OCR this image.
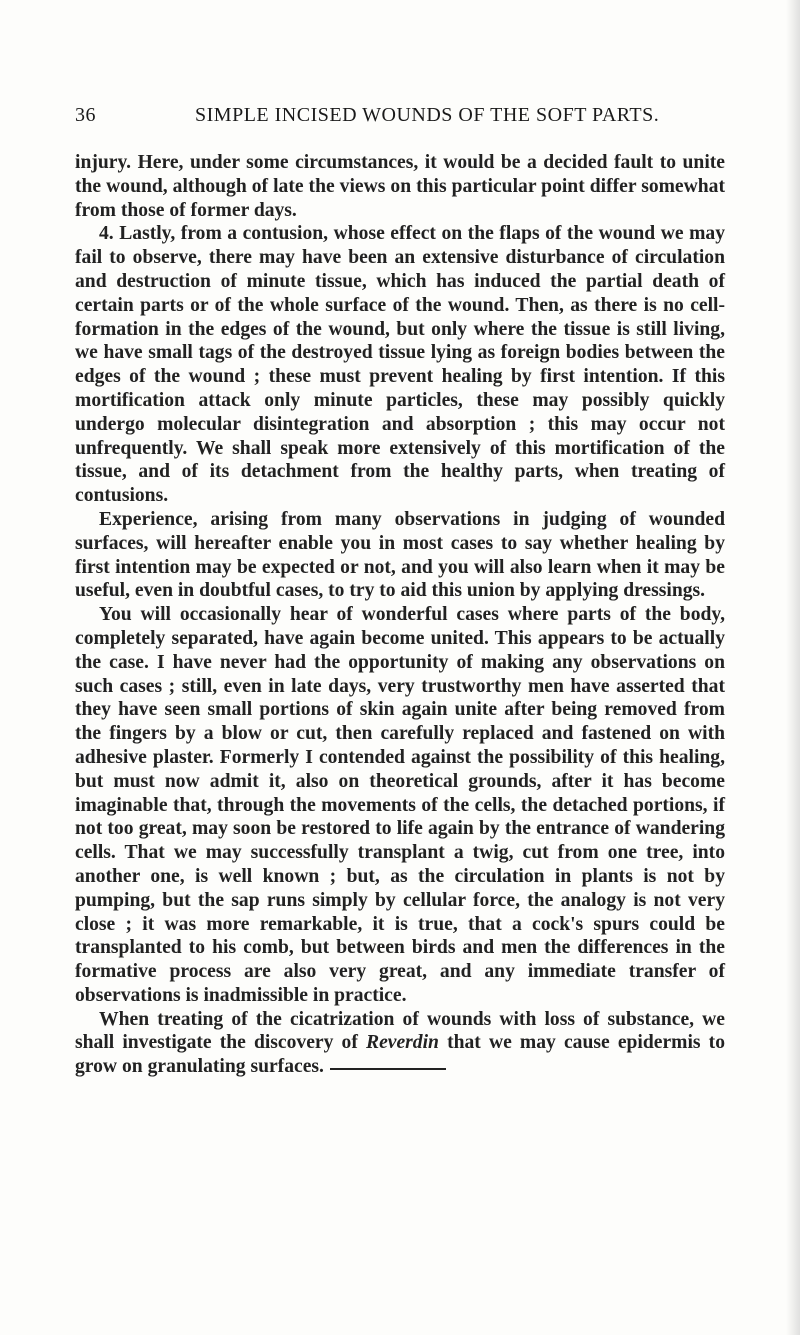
36	SIMPLE INCISED WOUNDS OF THE SOFT PARTS.

injury. Here, under some circumstances, it would be a decided fault to unite the wound, although of late the views on this particular point differ somewhat from those of former days.

4. Lastly, from a contusion, whose effect on the flaps of the wound we may fail to observe, there may have been an extensive disturbance of circulation and destruction of minute tissue, which has induced the partial death of certain parts or of the whole surface of the wound. Then, as there is no cell-formation in the edges of the wound, but only where the tissue is still living, we have small tags of the destroyed tissue lying as foreign bodies between the edges of the wound ; these must prevent healing by first intention. If this mortification attack only minute particles, these may possibly quickly undergo molecular disintegration and absorption ; this may occur not unfrequently. We shall speak more extensively of this mortification of the tissue, and of its detachment from the healthy parts, when treating of contusions.

Experience, arising from many observations in judging of wounded surfaces, will hereafter enable you in most cases to say whether healing by first intention may be expected or not, and you will also learn when it may be useful, even in doubtful cases, to try to aid this union by applying dressings.

You will occasionally hear of wonderful cases where parts of the body, completely separated, have again become united. This appears to be actually the case. I have never had the opportunity of making any observations on such cases ; still, even in late days, very trustworthy men have asserted that they have seen small portions of skin again unite after being removed from the fingers by a blow or cut, then carefully replaced and fastened on with adhesive plaster. Formerly I contended against the possibility of this healing, but must now admit it, also on theoretical grounds, after it has become imaginable that, through the movements of the cells, the detached portions, if not too great, may soon be restored to life again by the entrance of wandering cells. That we may successfully transplant a twig, cut from one tree, into another one, is well known ; but, as the circulation in plants is not by pumping, but the sap runs simply by cellular force, the analogy is not very close ; it was more remarkable, it is true, that a cock's spurs could be transplanted to his comb, but between birds and men the differences in the formative process are also very great, and any immediate transfer of observations is inadmissible in practice.

When treating of the cicatrization of wounds with loss of substance, we shall investigate the discovery of Reverdin that we may cause epidermis to grow on granulating surfaces.
